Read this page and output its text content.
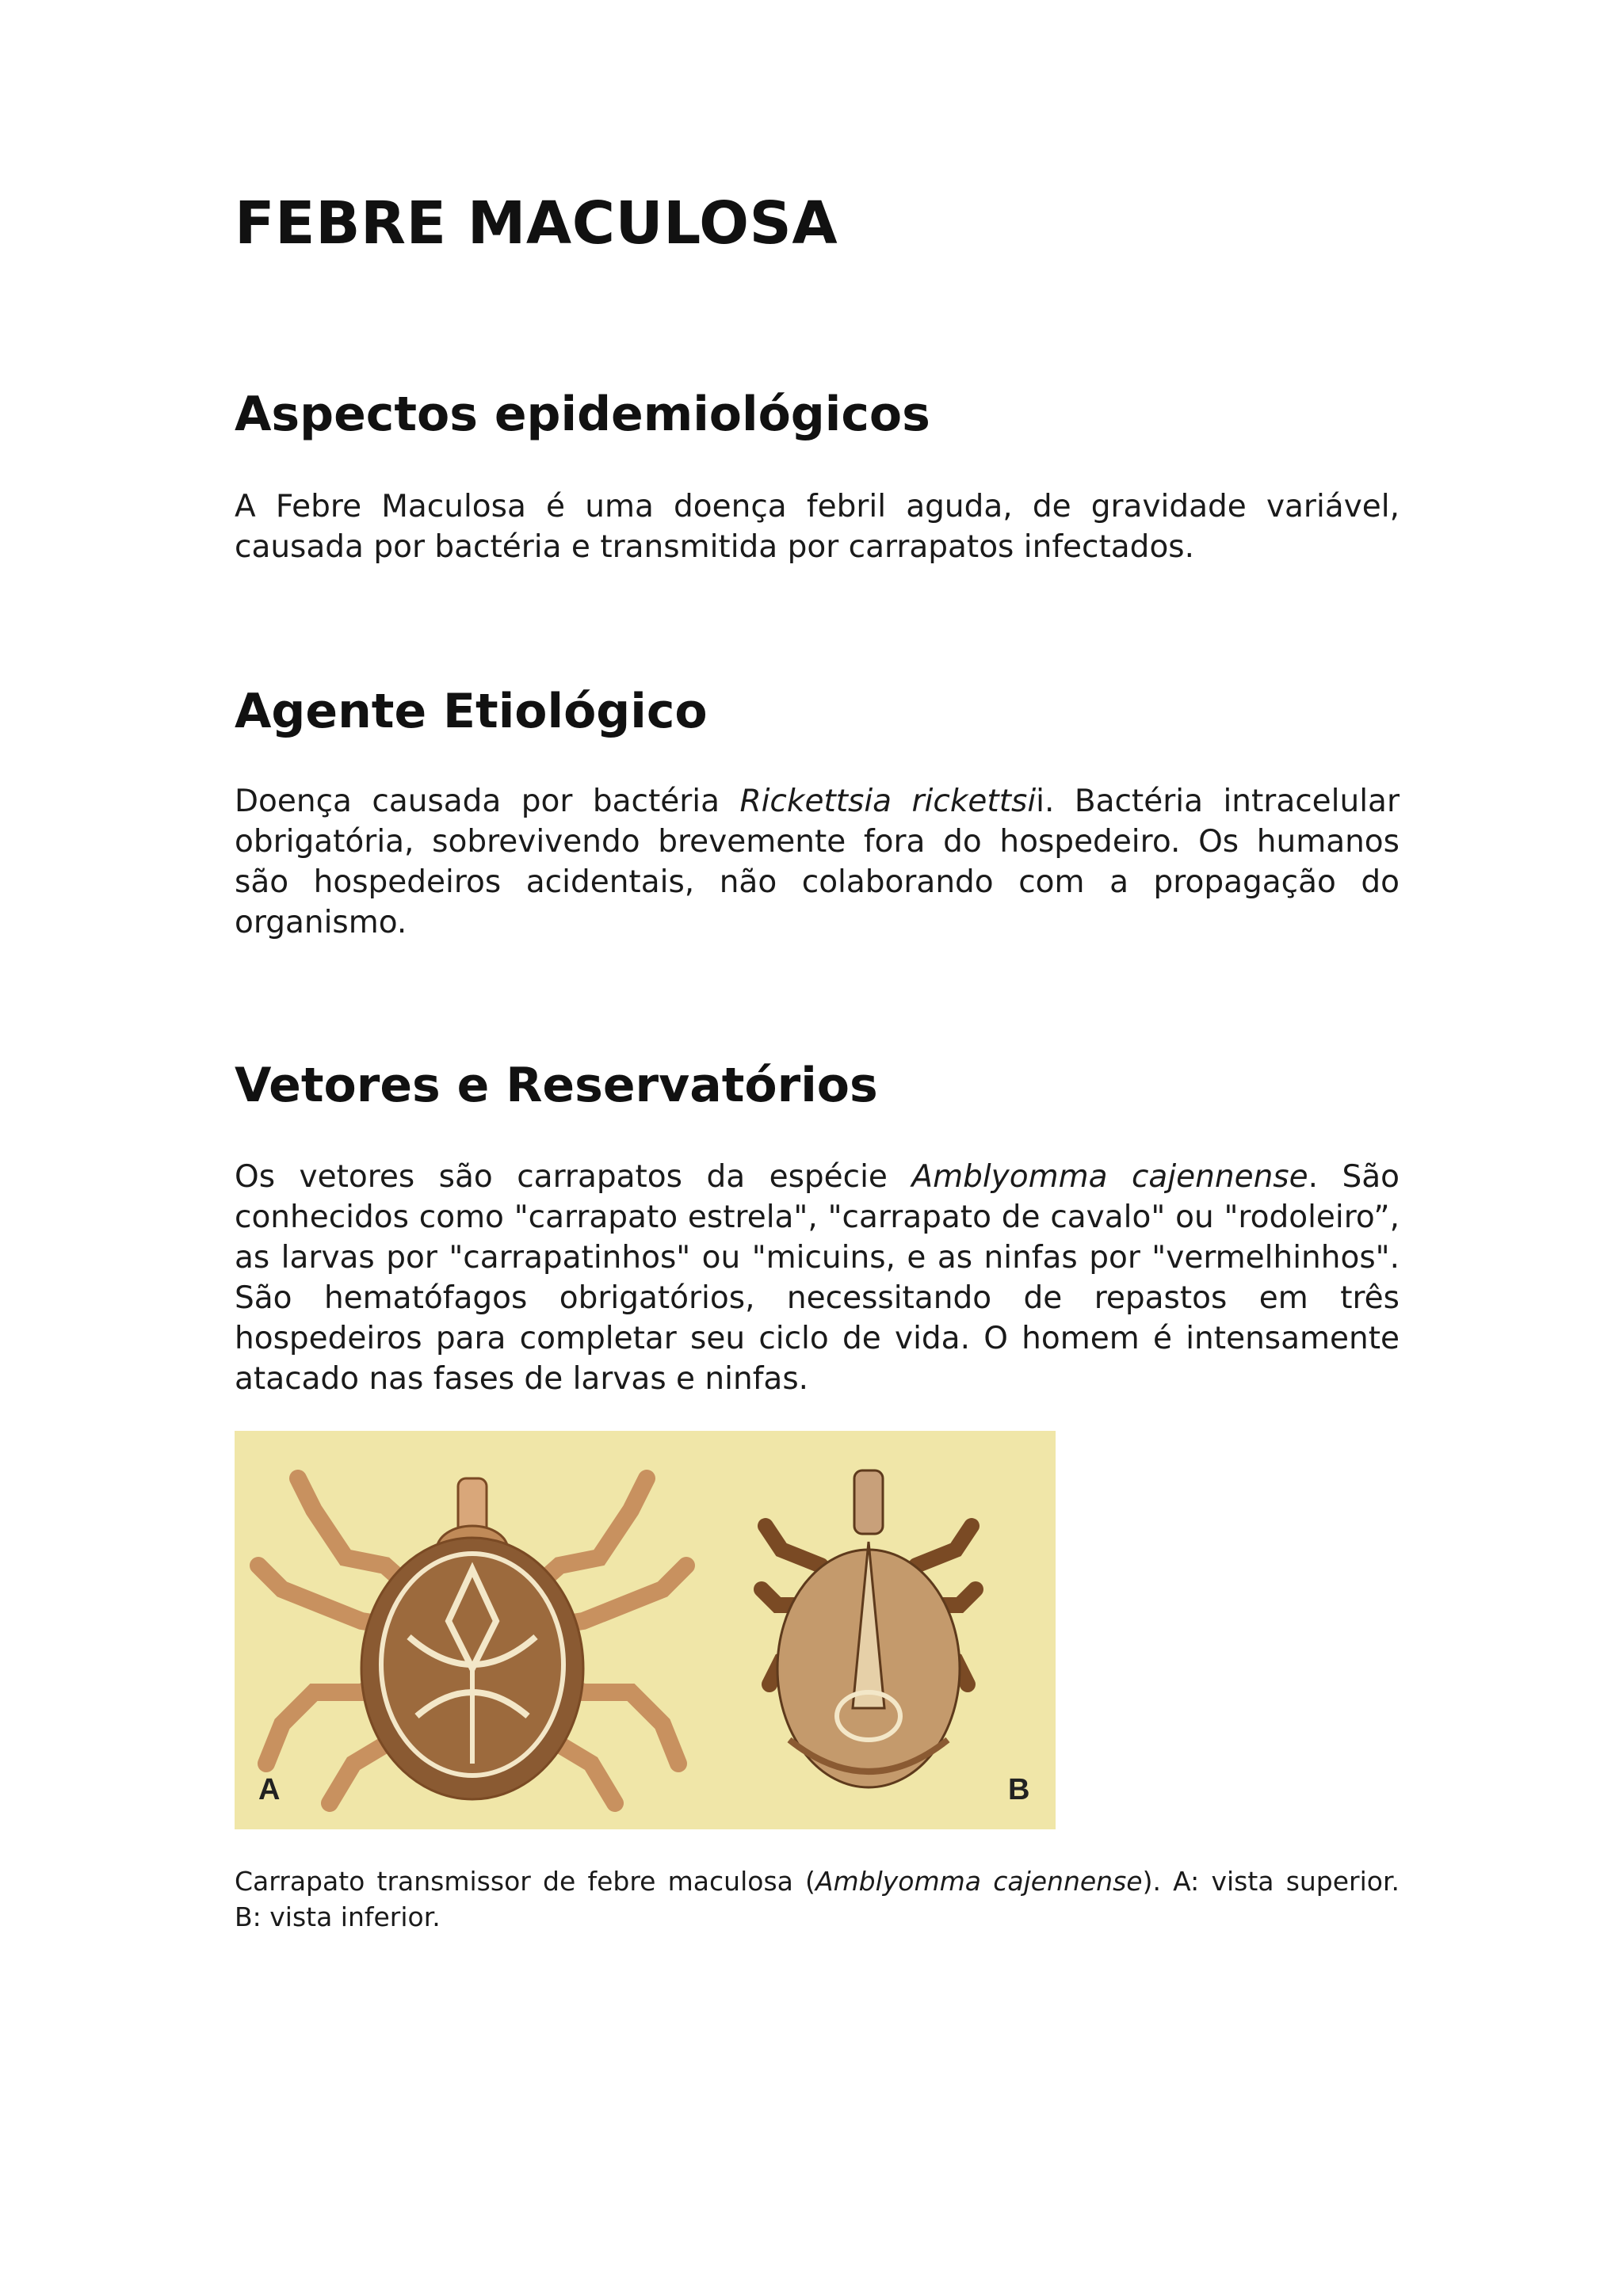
FEBRE MACULOSA
Aspectos epidemiológicos

A Febre Maculosa é uma doença febril aguda, de gravidade variável, causada por bactéria e transmitida por carrapatos infectados.

Agente Etiológico

Doença causada por bactéria Rickettsia rickettsii. Bactéria intracelular obrigatória, sobrevivendo brevemente fora do hospedeiro. Os humanos são hospedeiros acidentais, não colaborando com a propagação do organismo.

Vetores e Reservatórios

Os vetores são carrapatos da espécie Amblyomma cajennense. São conhecidos como "carrapato estrela", "carrapato de cavalo" ou "rodoleiro”, as larvas por "carrapatinhos" ou "micuins, e as ninfas por "vermelhinhos". São hematófagos obrigatórios, necessitando de repastos em três hospedeiros para completar seu ciclo de vida. O homem é intensamente atacado nas fases de larvas e ninfas.

A	B

Carrapato transmissor de febre maculosa (Amblyomma cajennense). A: vista superior. B: vista inferior.
